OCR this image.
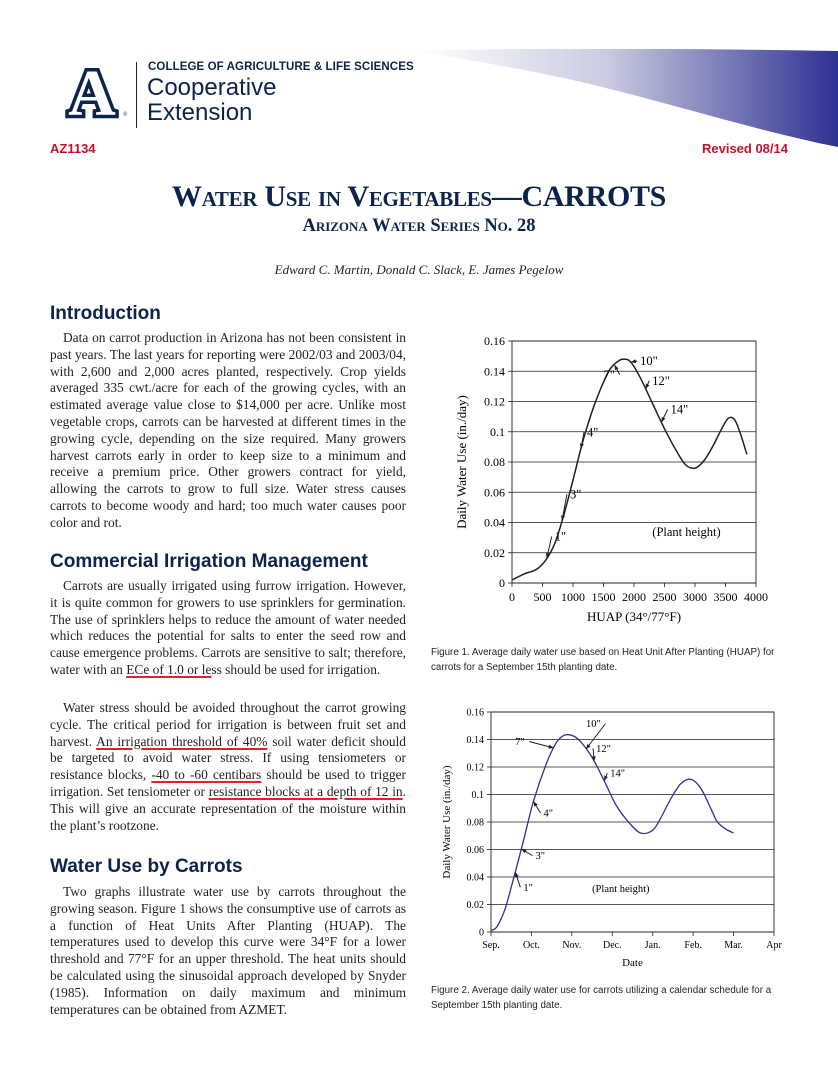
A ®
COLLEGE OF AGRICULTURE & LIFE SCIENCES
Cooperative
Extension
AZ1134	Revised 08/14
Water Use in Vegetables—CARROTS
Arizona Water Series No. 28
Edward C. Martin, Donald C. Slack, E. James Pegelow
Introduction

Data on carrot production in Arizona has not been consistent in past years. The last years for reporting were 2002/03 and 2003/04, with 2,600 and 2,000 acres planted, respectively. Crop yields averaged 335 cwt./acre for each of the growing cycles, with an estimated average value close to $14,000 per acre. Unlike most vegetable crops, carrots can be harvested at different times in the growing cycle, depending on the size required. Many growers harvest carrots early in order to keep size to a minimum and receive a premium price. Other growers contract for yield, allowing the carrots to grow to full size. Water stress causes carrots to become woody and hard; too much water causes poor color and rot.

Commercial Irrigation Management

Carrots are usually irrigated using furrow irrigation. However, it is quite common for growers to use sprinklers for germination. The use of sprinklers helps to reduce the amount of water needed which reduces the potential for salts to enter the seed row and cause emergence problems. Carrots are sensitive to salt; therefore, water with an ECe of 1.0 or less should be used for irrigation.

Water stress should be avoided throughout the carrot growing cycle. The critical period for irrigation is between fruit set and harvest. An irrigation threshold of 40% soil water deficit should be targeted to avoid water stress. If using tensiometers or resistance blocks, -40 to -60 centibars should be used to trigger irrigation. Set tensiometer or resistance blocks at a depth of 12 in. This will give an accurate representation of the moisture within the plant’s rootzone.

Water Use by Carrots

Two graphs illustrate water use by carrots throughout the growing season. Figure 1 shows the consumptive use of carrots as a function of Heat Units After Planting (HUAP). The temperatures used to develop this curve were 34°F for a lower threshold and 77°F for an upper threshold. The heat units should be calculated using the sinusoidal approach developed by Snyder (1985). Information on daily maximum and minimum temperatures can be obtained from AZMET.

0
0.02
0.04
0.06
0.08
0.1
0.12
0.14
0.16
0 500 1000 1500 2000 2500 3000 3500 4000
HUAP (34°/77°F)
Daily Water Use (in./day)
1"
3"
4"
7"
10"
12"
14"
(Plant height)
Figure 1. Average daily water use based on Heat Unit After Planting (HUAP) for carrots for a September 15th planting date.
0
0.02
0.04
0.06
0.08
0.1
0.12
0.14
0.16
Sep. Oct. Nov. Dec. Jan. Feb. Mar. Apr
Date
Daily Water Use (in./day)
1"
3"
4"
7"
10"
12"
14"
(Plant height)
Figure 2. Average daily water use for carrots utilizing a calendar schedule for a September 15th planting date.
